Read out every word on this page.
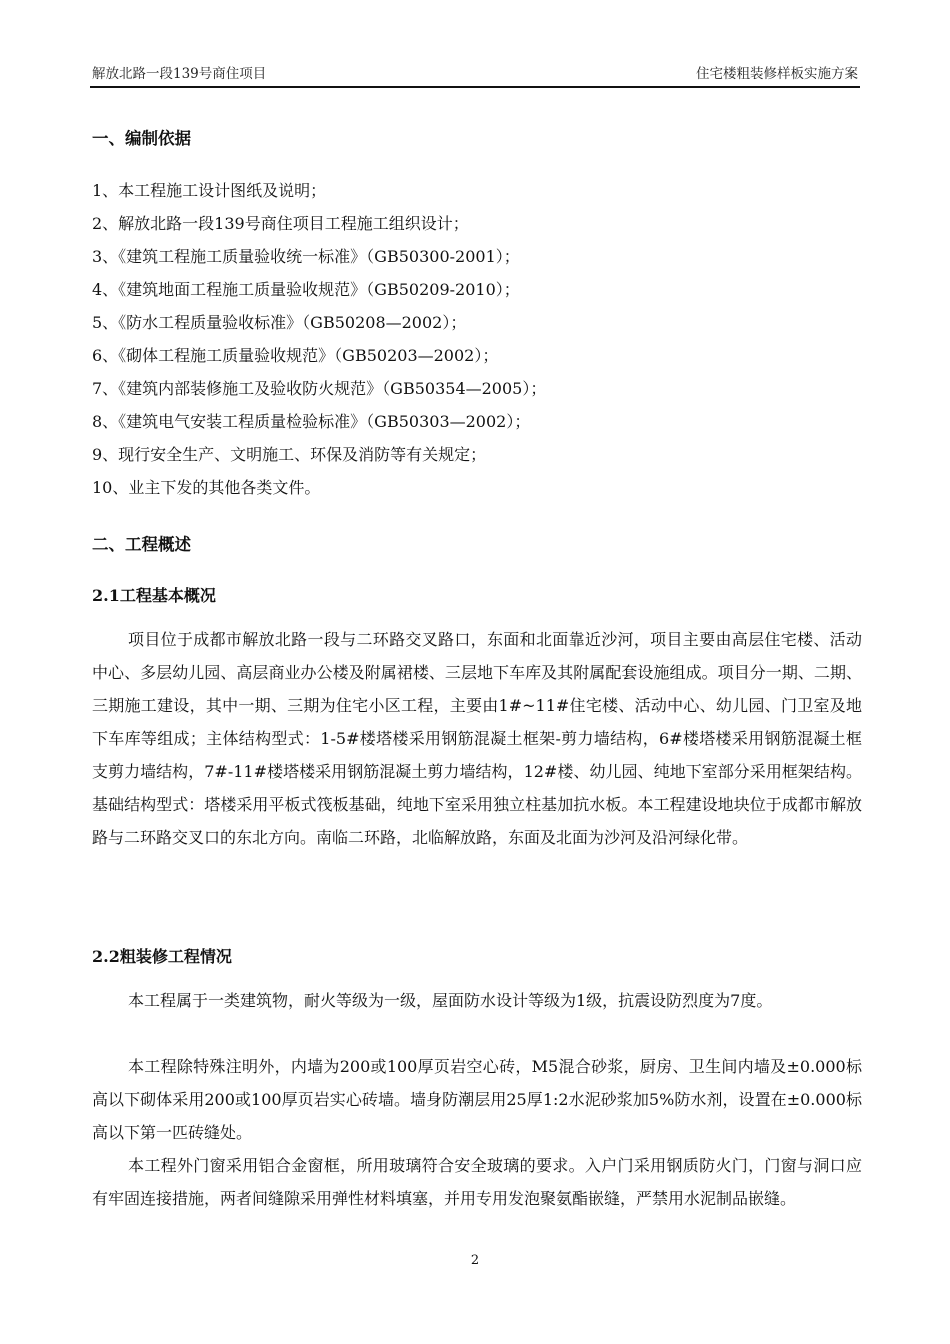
解放北路一段139号商住项目	住宅楼粗装修样板实施方案
一、编制依据
1、本工程施工设计图纸及说明；
2、解放北路一段139号商住项目工程施工组织设计；
3、《建筑工程施工质量验收统一标准》（GB50300-2001）；
4、《建筑地面工程施工质量验收规范》（GB50209-2010）；
5、《防水工程质量验收标准》（GB50208—2002）；
6、《砌体工程施工质量验收规范》（GB50203—2002）；
7、《建筑内部装修施工及验收防火规范》（GB50354—2005）；
8、《建筑电气安装工程质量检验标准》（GB50303—2002）；
9、现行安全生产、文明施工、环保及消防等有关规定；
10、业主下发的其他各类文件。
二、工程概述
2.1工程基本概况

项目位于成都市解放北路一段与二环路交叉路口，东面和北面靠近沙河，项目主要由高层住宅楼、活动中心、多层幼儿园、高层商业办公楼及附属裙楼、三层地下车库及其附属配套设施组成。项目分一期、二期、三期施工建设，其中一期、三期为住宅小区工程，主要由1#~11#住宅楼、活动中心、幼儿园、门卫室及地下车库等组成；主体结构型式：1-5#楼塔楼采用钢筋混凝土框架-剪力墙结构，6#楼塔楼采用钢筋混凝土框支剪力墙结构，7#-11#楼塔楼采用钢筋混凝土剪力墙结构，12#楼、幼儿园、纯地下室部分采用框架结构。基础结构型式：塔楼采用平板式筏板基础，纯地下室采用独立柱基加抗水板。本工程建设地块位于成都市解放路与二环路交叉口的东北方向。南临二环路，北临解放路，东面及北面为沙河及沿河绿化带。

2.2粗装修工程情况

本工程属于一类建筑物，耐火等级为一级，屋面防水设计等级为1级，抗震设防烈度为7度。

本工程除特殊注明外，内墙为200或100厚页岩空心砖，M5混合砂浆，厨房、卫生间内墙及±0.000标高以下砌体采用200或100厚页岩实心砖墙。墙身防潮层用25厚1:2水泥砂浆加5%防水剂，设置在±0.000标高以下第一匹砖缝处。

本工程外门窗采用铝合金窗框，所用玻璃符合安全玻璃的要求。入户门采用钢质防火门，门窗与洞口应有牢固连接措施，两者间缝隙采用弹性材料填塞，并用专用发泡聚氨酯嵌缝，严禁用水泥制品嵌缝。

2
